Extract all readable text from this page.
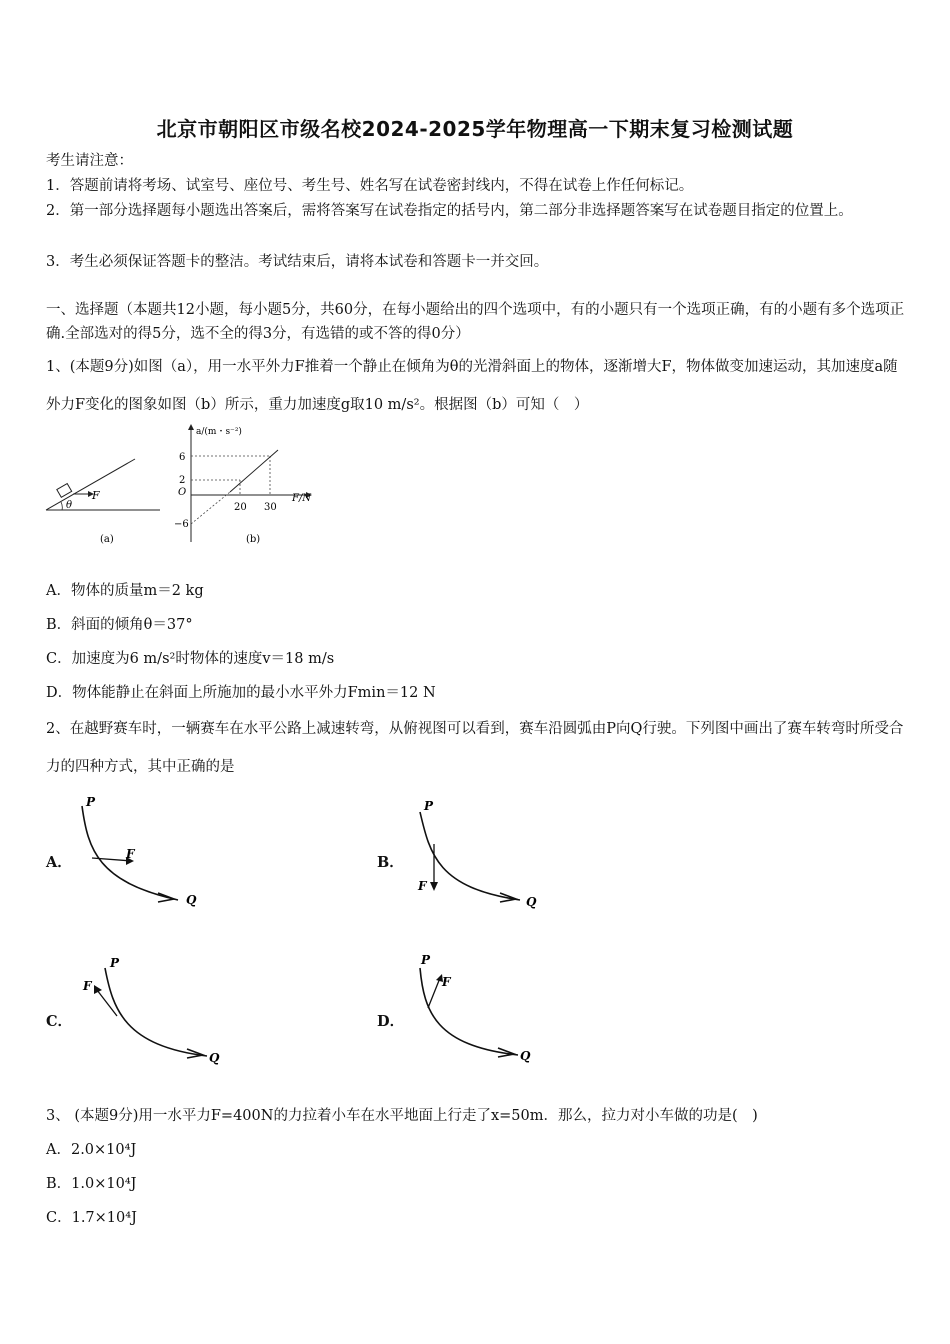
北京市朝阳区市级名校2024-2025学年物理高一下期末复习检测试题
考生请注意：
1．答题前请将考场、试室号、座位号、考生号、姓名写在试卷密封线内，不得在试卷上作任何标记。
2．第一部分选择题每小题选出答案后，需将答案写在试卷指定的括号内，第二部分非选择题答案写在试卷题目指定的位置上。
3．考生必须保证答题卡的整洁。考试结束后，请将本试卷和答题卡一并交回。
一、选择题（本题共12小题，每小题5分，共60分，在每小题给出的四个选项中，有的小题只有一个选项正确，有的小题有多个选项正确.全部选对的得5分，选不全的得3分，有选错的或不答的得0分）
1、(本题9分)如图（a），用一水平外力F推着一个静止在倾角为θ的光滑斜面上的物体，逐渐增大F，物体做变加速运动，其加速度a随外力F变化的图象如图（b）所示，重力加速度g取10 m/s²。根据图（b）可知（　）
F
θ
(a)
a/(m・s⁻²)
F/N
O
6
2
−6
20 30
(b)
A．物体的质量m＝2 kg
B．斜面的倾角θ＝37°
C．加速度为6 m/s²时物体的速度v＝18 m/s
D．物体能静止在斜面上所施加的最小水平外力Fmin＝12 N
2、在越野赛车时，一辆赛车在水平公路上减速转弯，从俯视图可以看到，赛车沿圆弧由P向Q行驶。下列图中画出了赛车转弯时所受合力的四种方式，其中正确的是
A．
P
F
Q
B．
P
F
Q
C．
P
F
Q
D．
P
F
Q
3、 (本题9分)用一水平力F=400N的力拉着小车在水平地面上行走了x=50m．那么，拉力对小车做的功是(　)
A．2.0×10⁴J
B．1.0×10⁴J
C．1.7×10⁴J
